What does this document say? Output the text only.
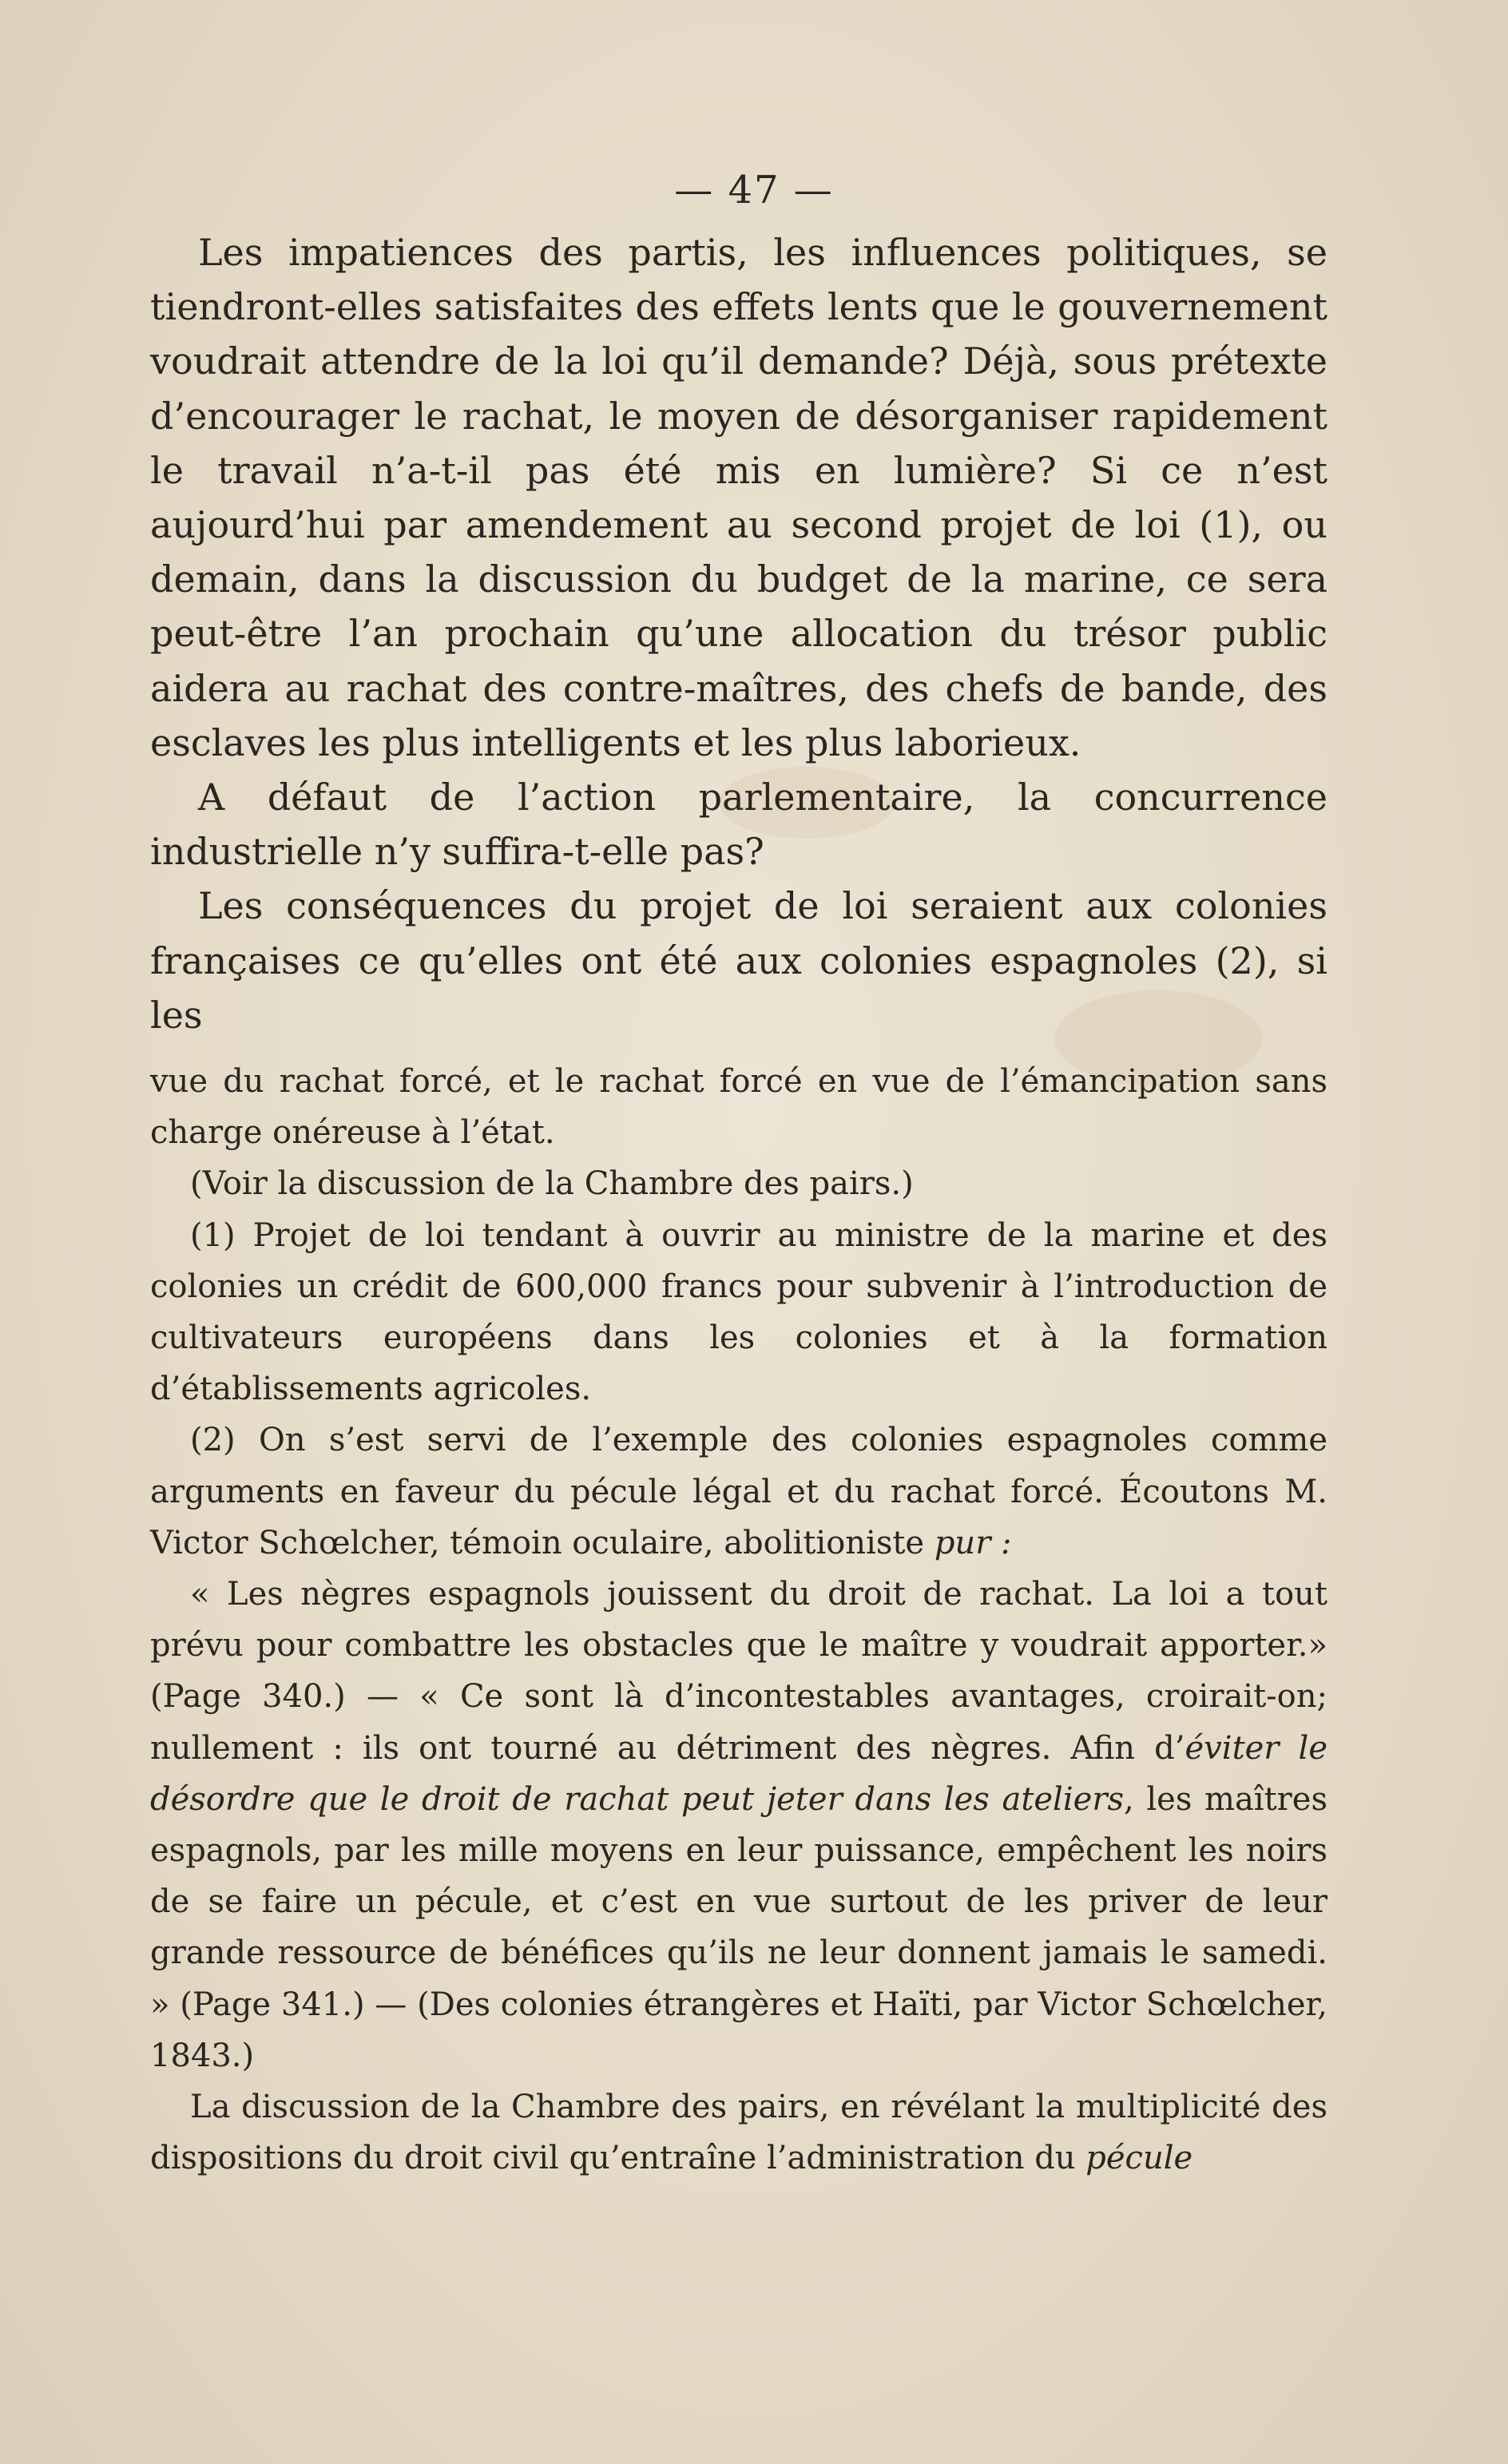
— 47 —

Les impatiences des partis, les influences politiques, se tiendront-elles satisfaites des effets lents que le gouvernement voudrait attendre de la loi qu’il demande? Déjà, sous prétexte d’encourager le rachat, le moyen de désorganiser rapidement le travail n’a-t-il pas été mis en lumière? Si ce n’est aujourd’hui par amendement au second projet de loi (1), ou demain, dans la discussion du budget de la marine, ce sera peut-être l’an prochain qu’une allocation du trésor public aidera au rachat des contre-maîtres, des chefs de bande, des esclaves les plus intelligents et les plus laborieux.

A défaut de l’action parlementaire, la concurrence industrielle n’y suffira-t-elle pas?

Les conséquences du projet de loi seraient aux colonies françaises ce qu’elles ont été aux colonies espagnoles (2), si les

vue du rachat forcé, et le rachat forcé en vue de l’émancipation sans charge onéreuse à l’état.

(Voir la discussion de la Chambre des pairs.)

(1) Projet de loi tendant à ouvrir au ministre de la marine et des colonies un crédit de 600,000 francs pour subvenir à l’introduction de cultivateurs européens dans les colonies et à la formation d’établissements agricoles.

(2) On s’est servi de l’exemple des colonies espagnoles comme arguments en faveur du pécule légal et du rachat forcé. Écoutons M. Victor Schœlcher, témoin oculaire, abolitioniste pur :

« Les nègres espagnols jouissent du droit de rachat. La loi a tout prévu pour combattre les obstacles que le maître y voudrait apporter.» (Page 340.) — « Ce sont là d’incontestables avantages, croirait-on; nullement : ils ont tourné au détriment des nègres. Afin d’éviter le désordre que le droit de rachat peut jeter dans les ateliers, les maîtres espagnols, par les mille moyens en leur puissance, empêchent les noirs de se faire un pécule, et c’est en vue surtout de les priver de leur grande ressource de bénéfices qu’ils ne leur donnent jamais le samedi. » (Page 341.) — (Des colonies étrangères et Haïti, par Victor Schœlcher, 1843.)

La discussion de la Chambre des pairs, en révélant la multiplicité des dispositions du droit civil qu’entraîne l’administration du pécule
